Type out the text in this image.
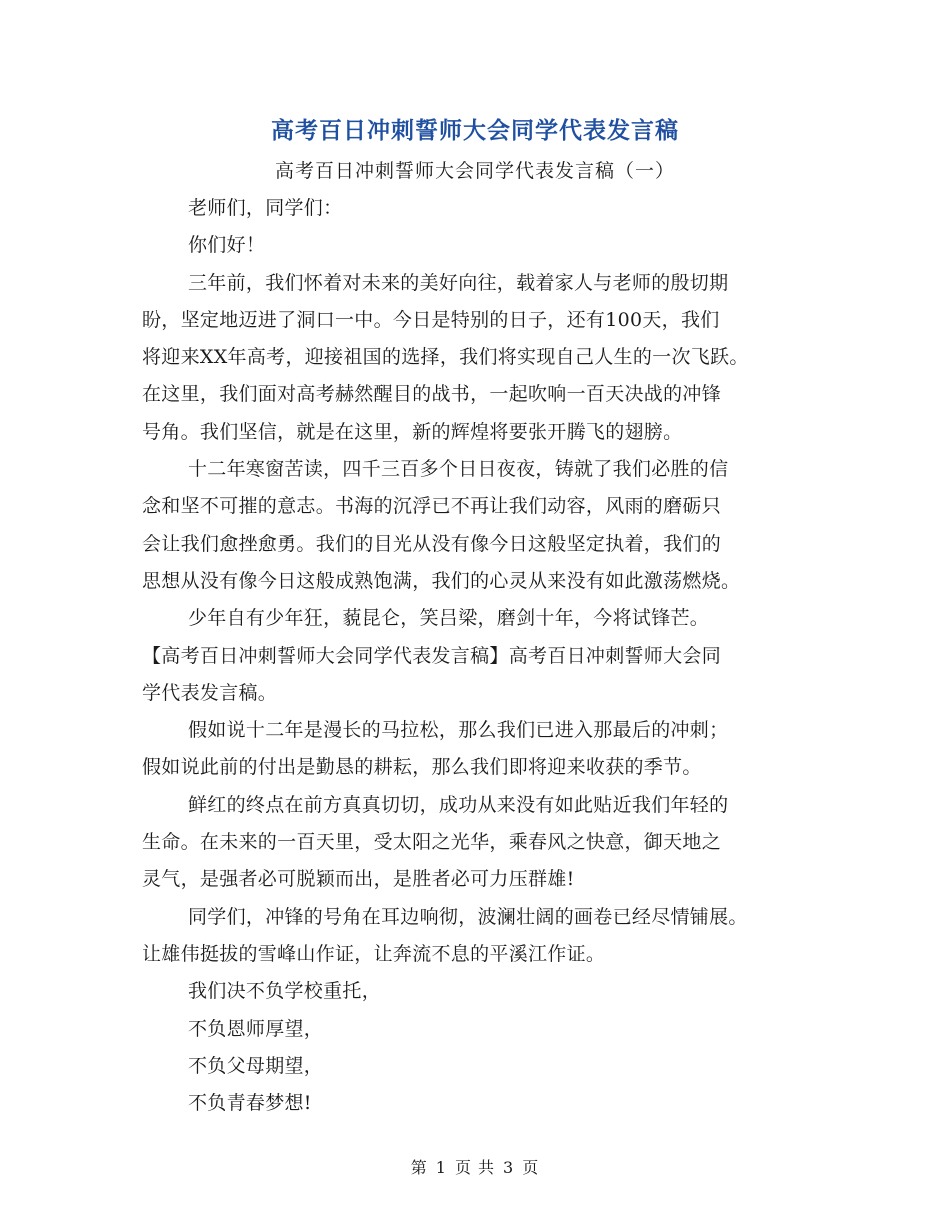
高考百日冲刺誓师大会同学代表发言稿
高考百日冲刺誓师大会同学代表发言稿（一）
老师们，同学们：
你们好！
三年前，我们怀着对未来的美好向往，载着家人与老师的殷切期
盼，坚定地迈进了洞口一中。今日是特别的日子，还有100天，我们
将迎来XX年高考，迎接祖国的选择，我们将实现自己人生的一次飞跃。
在这里，我们面对高考赫然醒目的战书，一起吹响一百天决战的冲锋
号角。我们坚信，就是在这里，新的辉煌将要张开腾飞的翅膀。
十二年寒窗苦读，四千三百多个日日夜夜，铸就了我们必胜的信
念和坚不可摧的意志。书海的沉浮已不再让我们动容，风雨的磨砺只
会让我们愈挫愈勇。我们的目光从没有像今日这般坚定执着，我们的
思想从没有像今日这般成熟饱满，我们的心灵从来没有如此激荡燃烧。
少年自有少年狂，藐昆仑，笑吕梁，磨剑十年，今将试锋芒。
【高考百日冲刺誓师大会同学代表发言稿】高考百日冲刺誓师大会同
学代表发言稿。
假如说十二年是漫长的马拉松，那么我们已进入那最后的冲刺；
假如说此前的付出是勤恳的耕耘，那么我们即将迎来收获的季节。
鲜红的终点在前方真真切切，成功从来没有如此贴近我们年轻的
生命。在未来的一百天里，受太阳之光华，乘春风之快意，御天地之
灵气，是强者必可脱颖而出，是胜者必可力压群雄!
同学们，冲锋的号角在耳边响彻，波澜壮阔的画卷已经尽情铺展。
让雄伟挺拔的雪峰山作证，让奔流不息的平溪江作证。
我们决不负学校重托，
不负恩师厚望，
不负父母期望，
不负青春梦想!
第 1 页 共 3 页
